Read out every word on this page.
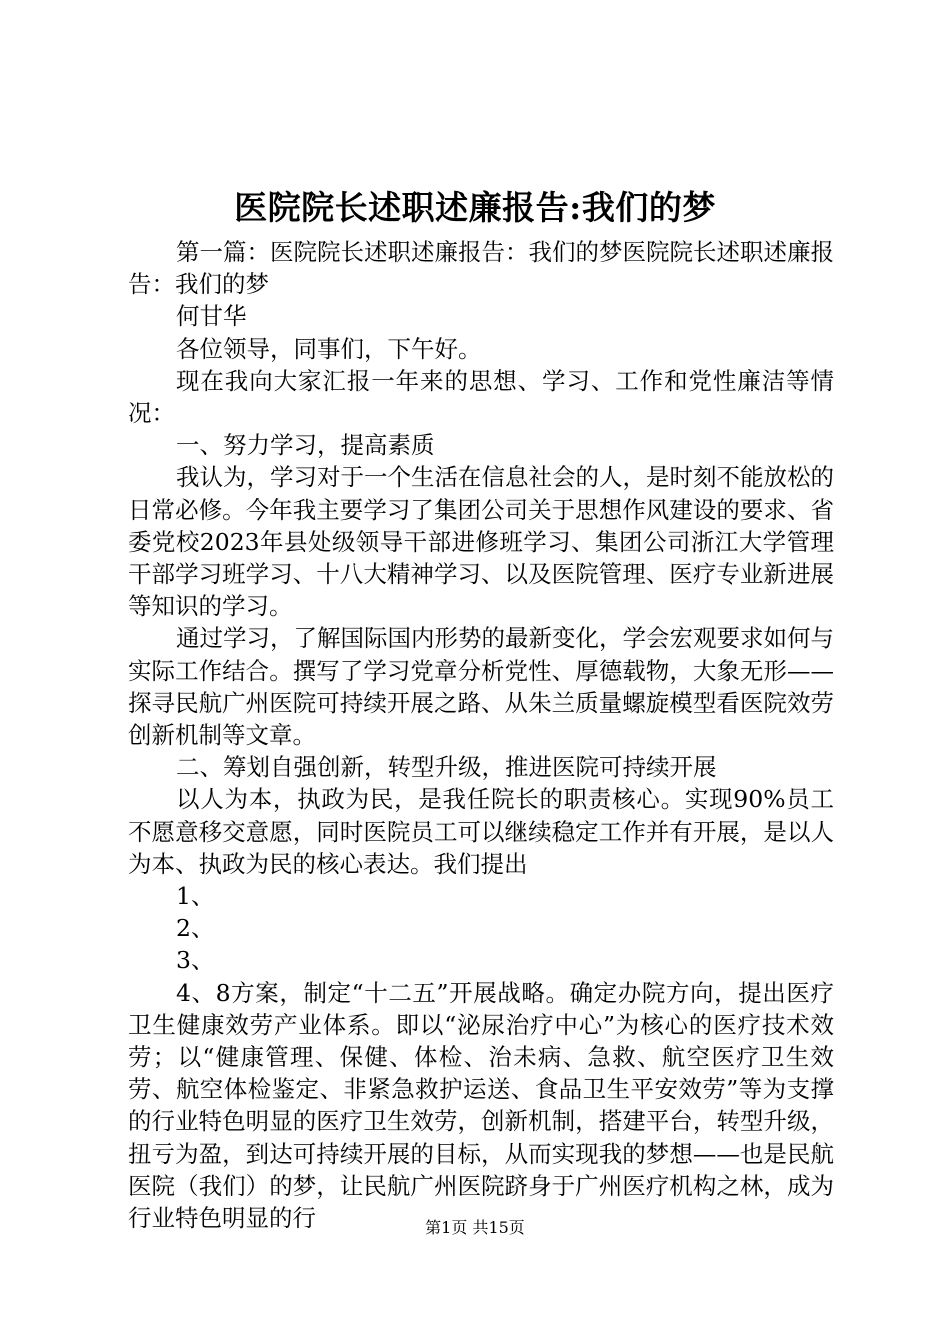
医院院长述职述廉报告:我们的梦

第一篇：医院院长述职述廉报告：我们的梦医院院长述职述廉报告：我们的梦

何甘华

各位领导，同事们，下午好。

现在我向大家汇报一年来的思想、学习、工作和党性廉洁等情况：

一、努力学习，提高素质

我认为，学习对于一个生活在信息社会的人，是时刻不能放松的日常必修。今年我主要学习了集团公司关于思想作风建设的要求、省委党校2023年县处级领导干部进修班学习、集团公司浙江大学管理干部学习班学习、十八大精神学习、以及医院管理、医疗专业新进展等知识的学习。

通过学习，了解国际国内形势的最新变化，学会宏观要求如何与实际工作结合。撰写了学习党章分析党性、厚德载物，大象无形——探寻民航广州医院可持续开展之路、从朱兰质量螺旋模型看医院效劳创新机制等文章。

二、筹划自强创新，转型升级，推进医院可持续开展

以人为本，执政为民，是我任院长的职责核心。实现90%员工不愿意移交意愿，同时医院员工可以继续稳定工作并有开展，是以人为本、执政为民的核心表达。我们提出

1、

2、

3、

4、8方案，制定“十二五”开展战略。确定办院方向，提出医疗卫生健康效劳产业体系。即以“泌尿治疗中心”为核心的医疗技术效劳；以“健康管理、保健、体检、治未病、急救、航空医疗卫生效劳、航空体检鉴定、非紧急救护运送、食品卫生平安效劳”等为支撑的行业特色明显的医疗卫生效劳，创新机制，搭建平台，转型升级，扭亏为盈，到达可持续开展的目标，从而实现我的梦想——也是民航医院（我们）的梦，让民航广州医院跻身于广州医疗机构之林，成为行业特色明显的行	第1页 共15页
